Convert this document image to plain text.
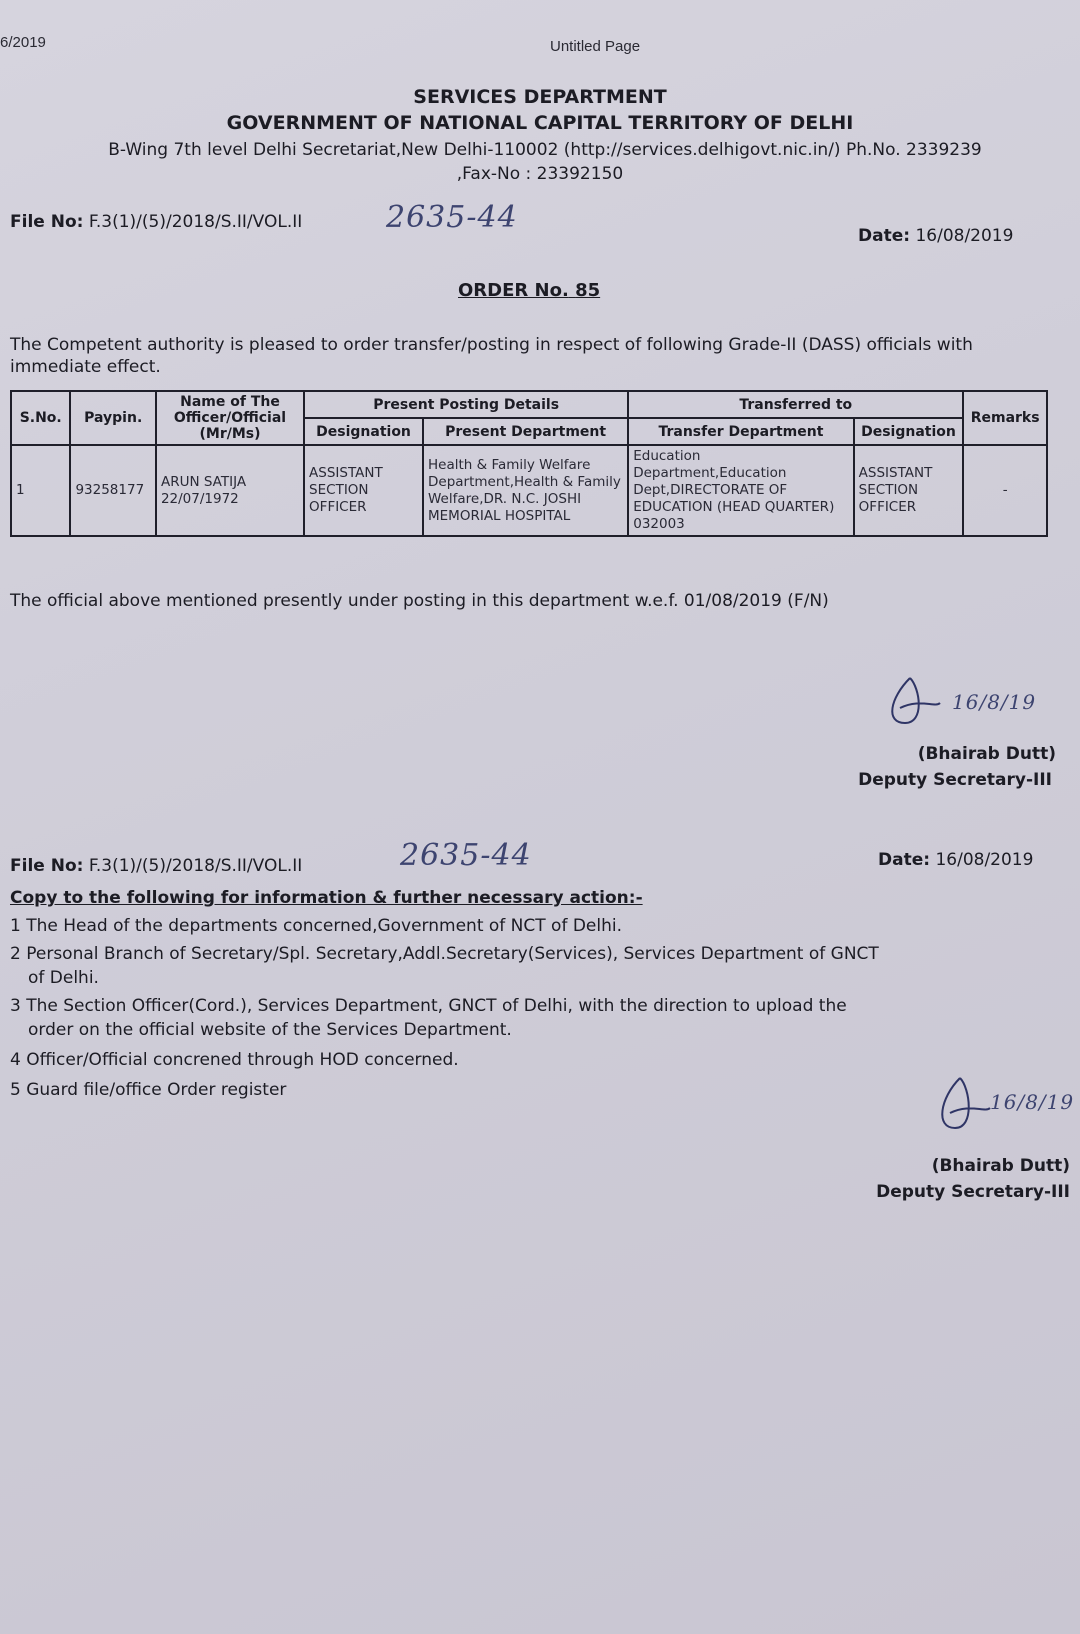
6/2019	Untitled Page
SERVICES DEPARTMENT
GOVERNMENT OF NATIONAL CAPITAL TERRITORY OF DELHI
B-Wing 7th level Delhi Secretariat,New Delhi-110002 (http://services.delhigovt.nic.in/) Ph.No. 2339239
,Fax-No : 23392150
File No: F.3(1)/(5)/2018/S.II/VOL.II	2635-44
Date: 16/08/2019
ORDER No. 85
The Competent authority is pleased to order transfer/posting in respect of following Grade-II (DASS) officials with immediate effect.
S.No.	Paypin.	Name of The Officer/Official (Mr/Ms)	Present Posting Details		Transferred to		Remarks
			Designation	Present Department	Transfer Department	Designation	
1	93258177	ARUN SATIJA 22/07/1972	ASSISTANT SECTION OFFICER	Health & Family Welfare Department,Health & Family Welfare,DR. N.C. JOSHI MEMORIAL HOSPITAL	Education Department,Education Dept,DIRECTORATE OF EDUCATION (HEAD QUARTER) 032003	ASSISTANT SECTION OFFICER	-
The official above mentioned presently under posting in this department w.e.f. 01/08/2019 (F/N)
16/8/19
(Bhairab Dutt)
Deputy Secretary-III
File No: F.3(1)/(5)/2018/S.II/VOL.II	2635-44	Date: 16/08/2019
Copy to the following for information & further necessary action:-
1 The Head of the departments concerned,Government of NCT of Delhi.
2 Personal Branch of Secretary/Spl. Secretary,Addl.Secretary(Services), Services Department of GNCT
of Delhi.
3 The Section Officer(Cord.), Services Department, GNCT of Delhi, with the direction to upload the
order on the official website of the Services Department.
4 Officer/Official concrened through HOD concerned.
5 Guard file/office Order register	16/8/19
(Bhairab Dutt)
Deputy Secretary-III
